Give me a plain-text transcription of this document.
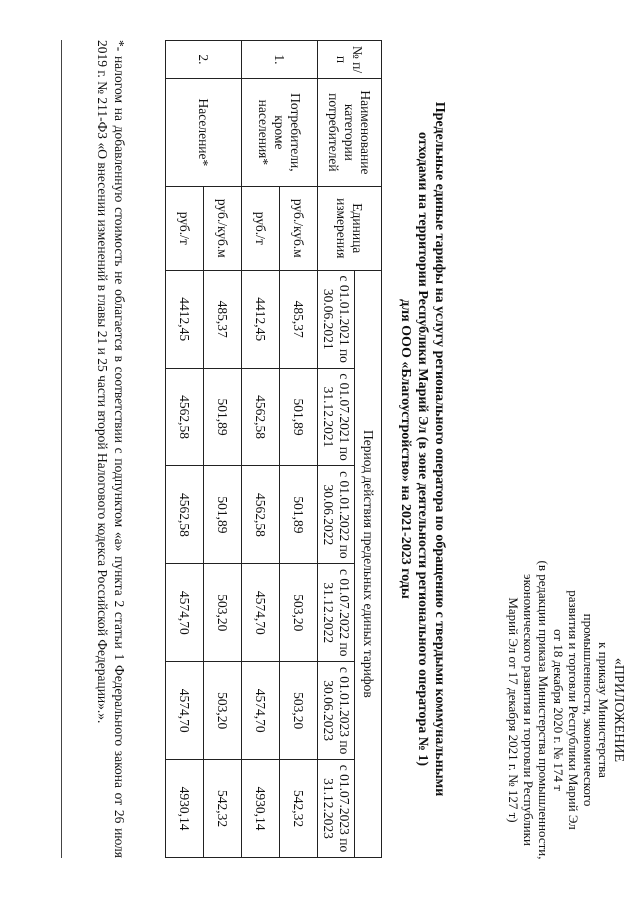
«ПРИЛОЖЕНИЕ
к приказу Министерства
промышленности, экономического
развития и торговли Республики Марий Эл
от 18 декабря 2020 г. № 174 т
(в редакции приказа Министерства промышленности,
экономического развития и торговли Республики
Марий Эл от 17 декабря 2021 г. № 127 т)
Предельные единые тарифы на услугу регионального оператора по обращению с твердыми коммунальными
отходами на территории Республики Марий Эл (в зоне деятельности регионального оператора № 1)
для ООО «Благоустройство» на 2021-2023 годы
№ п/п	Наименование категории потребителей	Единица измерения	Период действия предельных единых тарифов					
			с 01.01.2021 по 30.06.2021	с 01.07.2021 по 31.12.2021	с 01.01.2022 по 30.06.2022	с 01.07.2022 по 31.12.2022	с 01.01.2023 по 30.06.2023	с 01.07.2023 по 31.12.2023
1.	Потребители, кроме населения*	руб./куб.м	485,37	501,89	501,89	503,20	503,20	542,32
		руб./т	4412,45	4562,58	4562,58	4574,70	4574,70	4930,14
2.	Население*	руб./куб.м	485,37	501,89	501,89	503,20	503,20	542,32
		руб./т	4412,45	4562,58	4562,58	4574,70	4574,70	4930,14
*- налогом на добавленную стоимость не облагается в соответствии с подпунктом «а» пункта 2 статьи 1 Федерального закона от 26 июля 2019 г. № 211-ФЗ «О внесении изменений в главы 21 и 25 части второй Налогового кодекса Российской Федерации».».
